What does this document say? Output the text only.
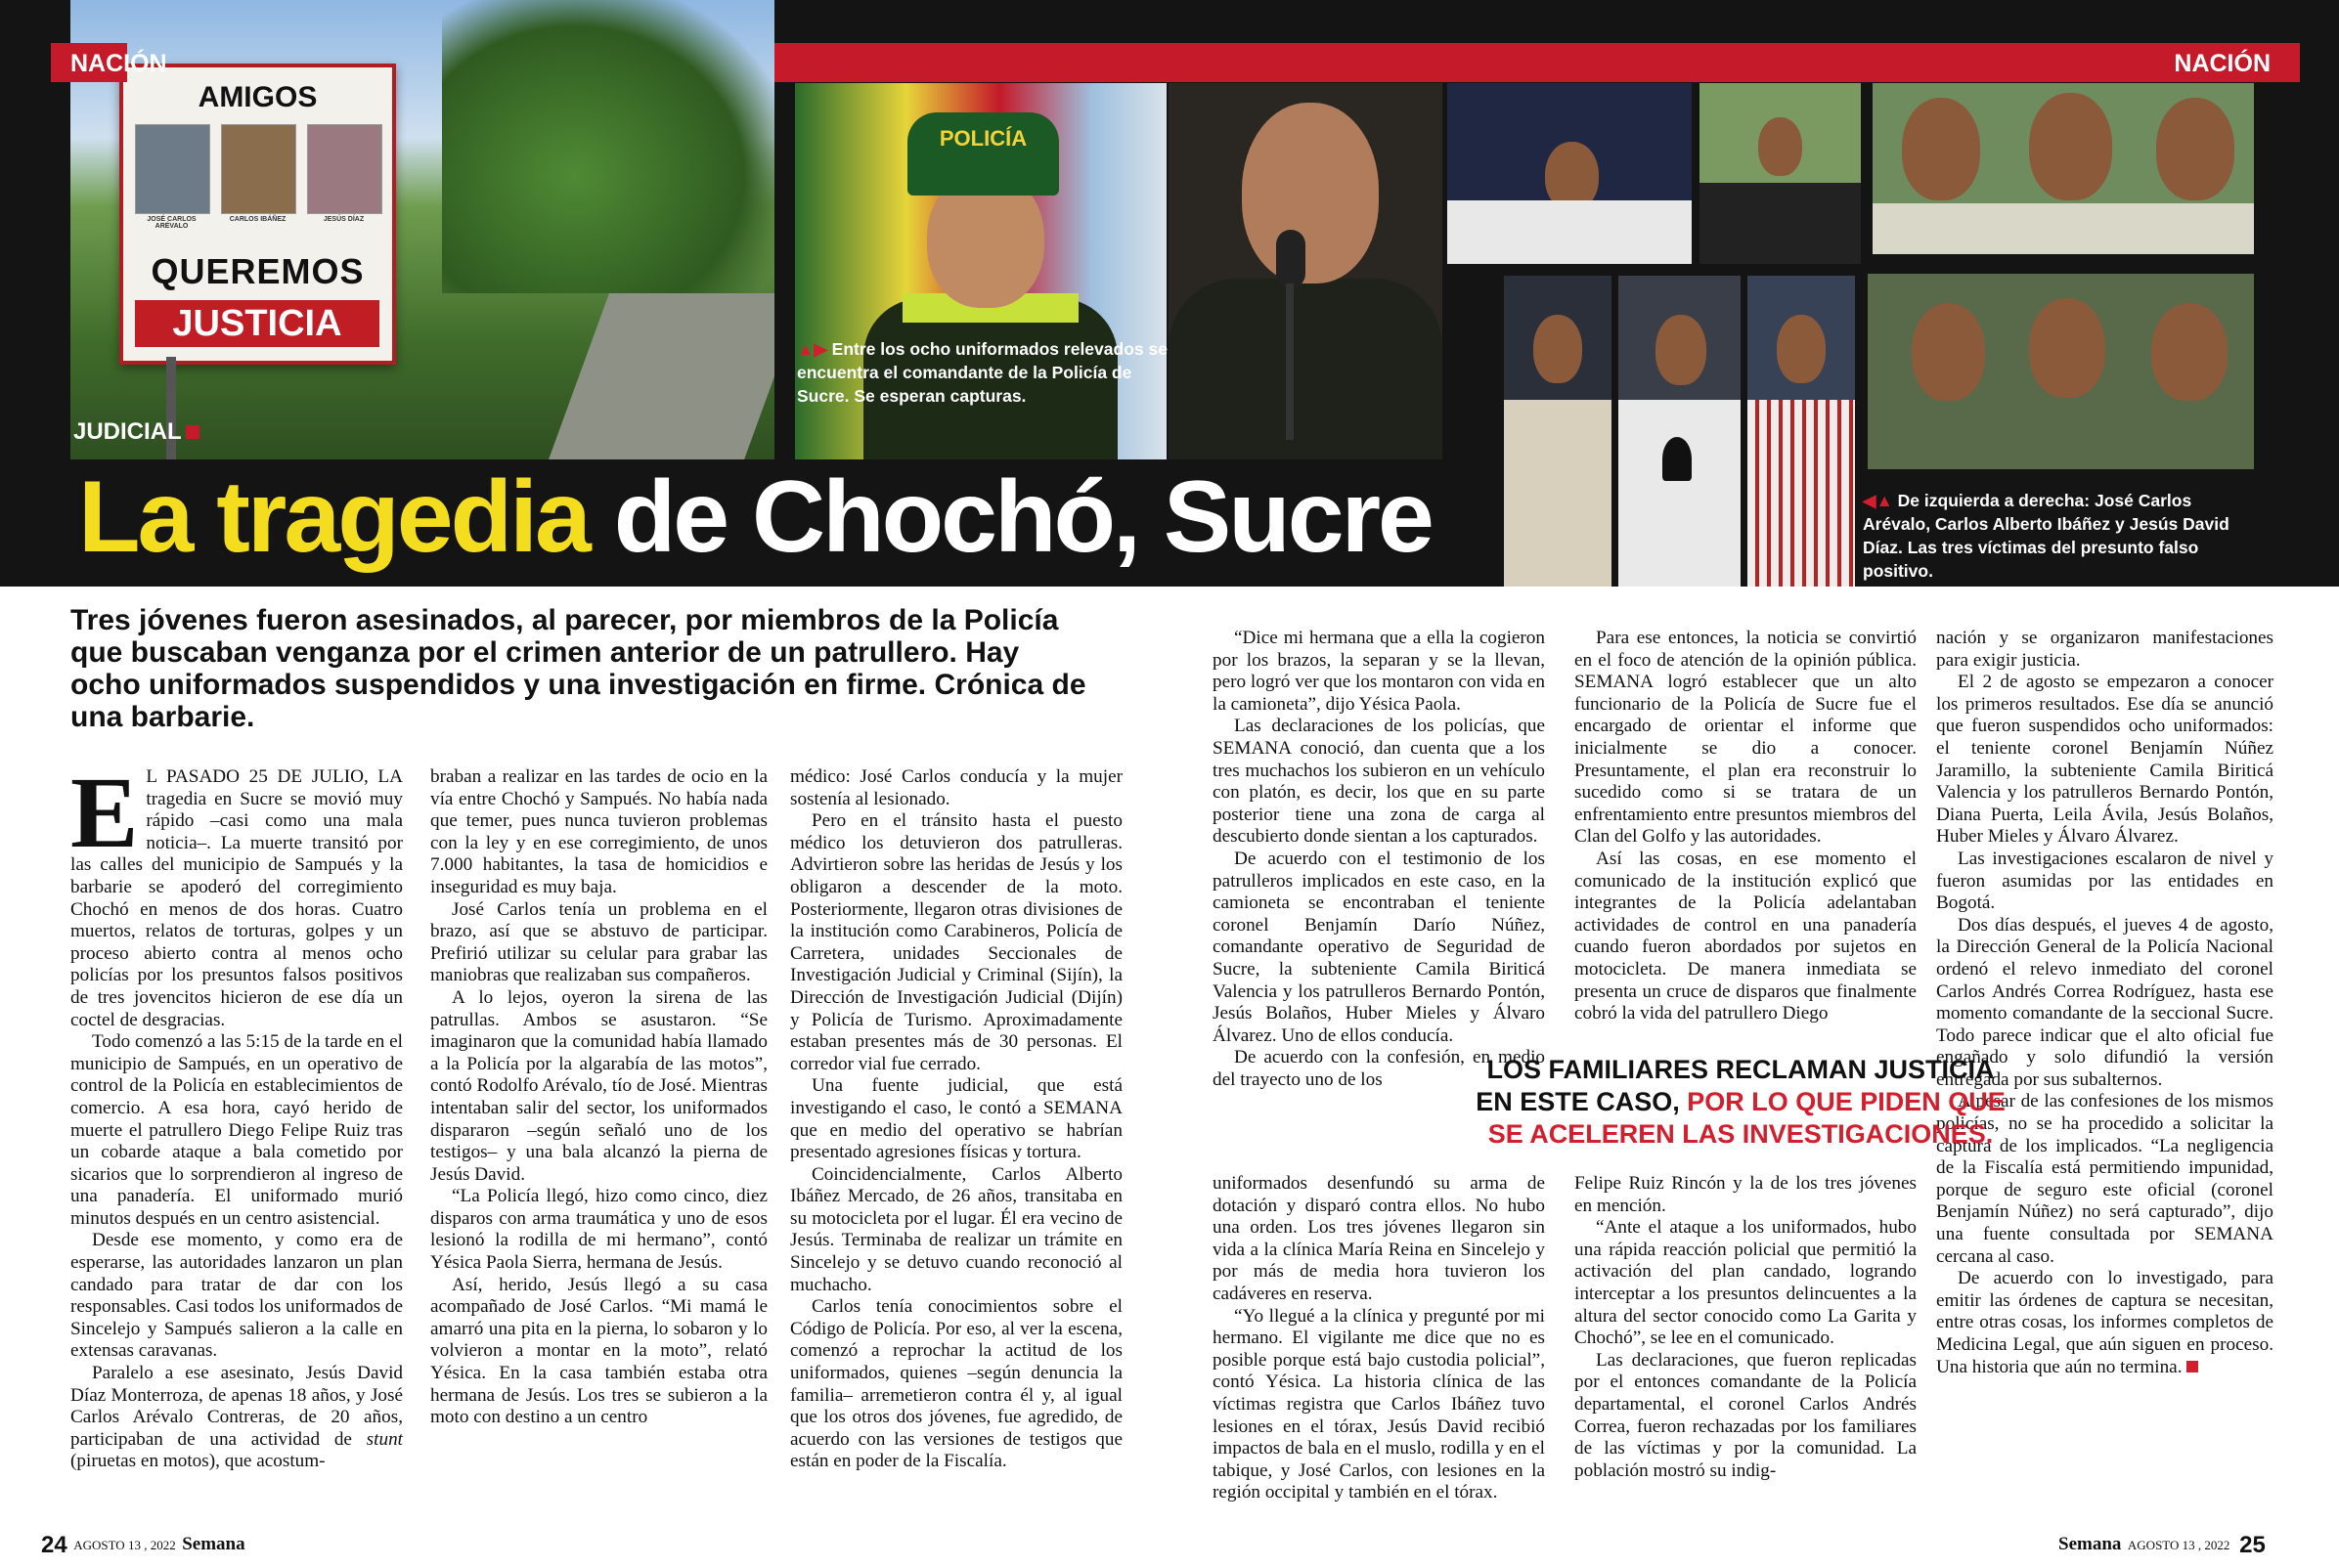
AMIGOS
JOSÉ CARLOS ARÉVALO
CARLOS IBÁÑEZ	JESÚS DÍAZ
QUEREMOS
JUSTICIA
NACIÓN	NACIÓN
JUDICIAL
POLICÍA
▲▶ Entre los ocho uniformados relevados se encuentra el comandante de la Policía de Sucre. Se esperan capturas.
◀▲ De izquierda a derecha: José Carlos Arévalo, Carlos Alberto Ibáñez y Jesús David Díaz. Las tres víctimas del presunto falso positivo.
La tragedia de Chochó, Sucre
Tres jóvenes fueron asesinados, al parecer, por miembros de la Policía que buscaban venganza por el crimen anterior de un patrullero. Hay ocho uniformados suspendidos y una investigación en firme. Crónica de una barbarie.

E L PASADO 25 DE JULIO, LA tragedia en Sucre se movió muy rápido –casi como una mala noticia–. La muerte transitó por las calles del municipio de Sampués y la barbarie se apoderó del corregimiento Chochó en menos de dos horas. Cuatro muertos, relatos de torturas, golpes y un proceso abierto contra al menos ocho policías por los presuntos falsos positivos de tres jovencitos hicieron de ese día un coctel de desgracias.

Todo comenzó a las 5:15 de la tarde en el municipio de Sampués, en un operativo de control de la Policía en establecimientos de comercio. A esa hora, cayó herido de muerte el patrullero Diego Felipe Ruiz tras un cobarde ataque a bala cometido por sicarios que lo sorprendieron al ingreso de una panadería. El uniformado murió minutos después en un centro asistencial.

Desde ese momento, y como era de esperarse, las autoridades lanzaron un plan candado para tratar de dar con los responsables. Casi todos los uniformados de Sincelejo y Sampués salieron a la calle en extensas caravanas.

Paralelo a ese asesinato, Jesús David Díaz Monterroza, de apenas 18 años, y José Carlos Arévalo Contreras, de 20 años, participaban de una actividad de stunt (piruetas en motos), que acostum-

braban a realizar en las tardes de ocio en la vía entre Chochó y Sampués. No había nada que temer, pues nunca tuvieron problemas con la ley y en ese corregimiento, de unos 7.000 habitantes, la tasa de homicidios e inseguridad es muy baja.

José Carlos tenía un problema en el brazo, así que se abstuvo de participar. Prefirió utilizar su celular para grabar las maniobras que realizaban sus compañeros.

A lo lejos, oyeron la sirena de las patrullas. Ambos se asustaron. “Se imaginaron que la comunidad había llamado a la Policía por la algarabía de las motos”, contó Rodolfo Arévalo, tío de José. Mientras intentaban salir del sector, los uniformados dispararon –según señaló uno de los testigos– y una bala alcanzó la pierna de Jesús David.

“La Policía llegó, hizo como cinco, diez disparos con arma traumática y uno de esos lesionó la rodilla de mi hermano”, contó Yésica Paola Sierra, hermana de Jesús.

Así, herido, Jesús llegó a su casa acompañado de José Carlos. “Mi mamá le amarró una pita en la pierna, lo sobaron y lo volvieron a montar en la moto”, relató Yésica. En la casa también estaba otra hermana de Jesús. Los tres se subieron a la moto con destino a un centro

médico: José Carlos conducía y la mujer sostenía al lesionado.

Pero en el tránsito hasta el puesto médico los detuvieron dos patrulleras. Advirtieron sobre las heridas de Jesús y los obligaron a descender de la moto. Posteriormente, llegaron otras divisiones de la institución como Carabineros, Policía de Carretera, unidades Seccionales de Investigación Judicial y Criminal (Sijín), la Dirección de Investigación Judicial (Dijín) y Policía de Turismo. Aproximadamente estaban presentes más de 30 personas. El corredor vial fue cerrado.

Una fuente judicial, que está investigando el caso, le contó a SEMANA que en medio del operativo se habrían presentado agresiones físicas y tortura.

Coincidencialmente, Carlos Alberto Ibáñez Mercado, de 26 años, transitaba en su motocicleta por el lugar. Él era vecino de Jesús. Terminaba de realizar un trámite en Sincelejo y se detuvo cuando reconoció al muchacho.

Carlos tenía conocimientos sobre el Código de Policía. Por eso, al ver la escena, comenzó a reprochar la actitud de los uniformados, quienes –según denuncia la familia– arremetieron contra él y, al igual que los otros dos jóvenes, fue agredido, de acuerdo con las versiones de testigos que están en poder de la Fiscalía.

“Dice mi hermana que a ella la cogieron por los brazos, la separan y se la llevan, pero logró ver que los montaron con vida en la camioneta”, dijo Yésica Paola.

Las declaraciones de los policías, que SEMANA conoció, dan cuenta que a los tres muchachos los subieron en un vehículo con platón, es decir, los que en su parte posterior tiene una zona de carga al descubierto donde sientan a los capturados.

De acuerdo con el testimonio de los patrulleros implicados en este caso, en la camioneta se encontraban el teniente coronel Benjamín Darío Núñez, comandante operativo de Seguridad de Sucre, la subteniente Camila Biriticá Valencia y los patrulleros Bernardo Pontón, Jesús Bolaños, Huber Mieles y Álvaro Álvarez. Uno de ellos conducía.

De acuerdo con la confesión, en medio del trayecto uno de los

uniformados desenfundó su arma de dotación y disparó contra ellos. No hubo una orden. Los tres jóvenes llegaron sin vida a la clínica María Reina en Sincelejo y por más de media hora tuvieron los cadáveres en reserva.

“Yo llegué a la clínica y pregunté por mi hermano. El vigilante me dice que no es posible porque está bajo custodia policial”, contó Yésica. La historia clínica de las víctimas registra que Carlos Ibáñez tuvo lesiones en el tórax, Jesús David recibió impactos de bala en el muslo, rodilla y en el tabique, y José Carlos, con lesiones en la región occipital y también en el tórax.

Para ese entonces, la noticia se convirtió en el foco de atención de la opinión pública. SEMANA logró establecer que un alto funcionario de la Policía de Sucre fue el encargado de orientar el informe que inicialmente se dio a conocer. Presuntamente, el plan era reconstruir lo sucedido como si se tratara de un enfrentamiento entre presuntos miembros del Clan del Golfo y las autoridades.

Así las cosas, en ese momento el comunicado de la institución explicó que integrantes de la Policía adelantaban actividades de control en una panadería cuando fueron abordados por sujetos en motocicleta. De manera inmediata se presenta un cruce de disparos que finalmente cobró la vida del patrullero Diego

Felipe Ruiz Rincón y la de los tres jóvenes en mención.

“Ante el ataque a los uniformados, hubo una rápida reacción policial que permitió la activación del plan candado, logrando interceptar a los presuntos delincuentes a la altura del sector conocido como La Garita y Chochó”, se lee en el comunicado.

Las declaraciones, que fueron replicadas por el entonces comandante de la Policía departamental, el coronel Carlos Andrés Correa, fueron rechazadas por los familiares de las víctimas y por la comunidad. La población mostró su indig-

nación y se organizaron manifestaciones para exigir justicia.

El 2 de agosto se empezaron a conocer los primeros resultados. Ese día se anunció que fueron suspendidos ocho uniformados: el teniente coronel Benjamín Núñez Jaramillo, la subteniente Camila Biriticá Valencia y los patrulleros Bernardo Pontón, Diana Puerta, Leila Ávila, Jesús Bolaños, Huber Mieles y Álvaro Álvarez.

Las investigaciones escalaron de nivel y fueron asumidas por las entidades en Bogotá.

Dos días después, el jueves 4 de agosto, la Dirección General de la Policía Nacional ordenó el relevo inmediato del coronel Carlos Andrés Correa Rodríguez, hasta ese momento comandante de la seccional Sucre. Todo parece indicar que el alto oficial fue engañado y solo difundió la versión entregada por sus subalternos.

A pesar de las confesiones de los mismos policías, no se ha procedido a solicitar la captura de los implicados. “La negligencia de la Fiscalía está permitiendo impunidad, porque de seguro este oficial (coronel Benjamín Núñez) no será capturado”, dijo una fuente consultada por SEMANA cercana al caso.

De acuerdo con lo investigado, para emitir las órdenes de captura se necesitan, entre otras cosas, los informes completos de Medicina Legal, que aún siguen en proceso. Una historia que aún no termina.

LOS FAMILIARES RECLAMAN JUSTICIA EN ESTE CASO, POR LO QUE PIDEN QUE SE ACELEREN LAS INVESTIGACIONES.
24 AGOSTO 13 , 2022 Semana	Semana AGOSTO 13 , 2022 25
